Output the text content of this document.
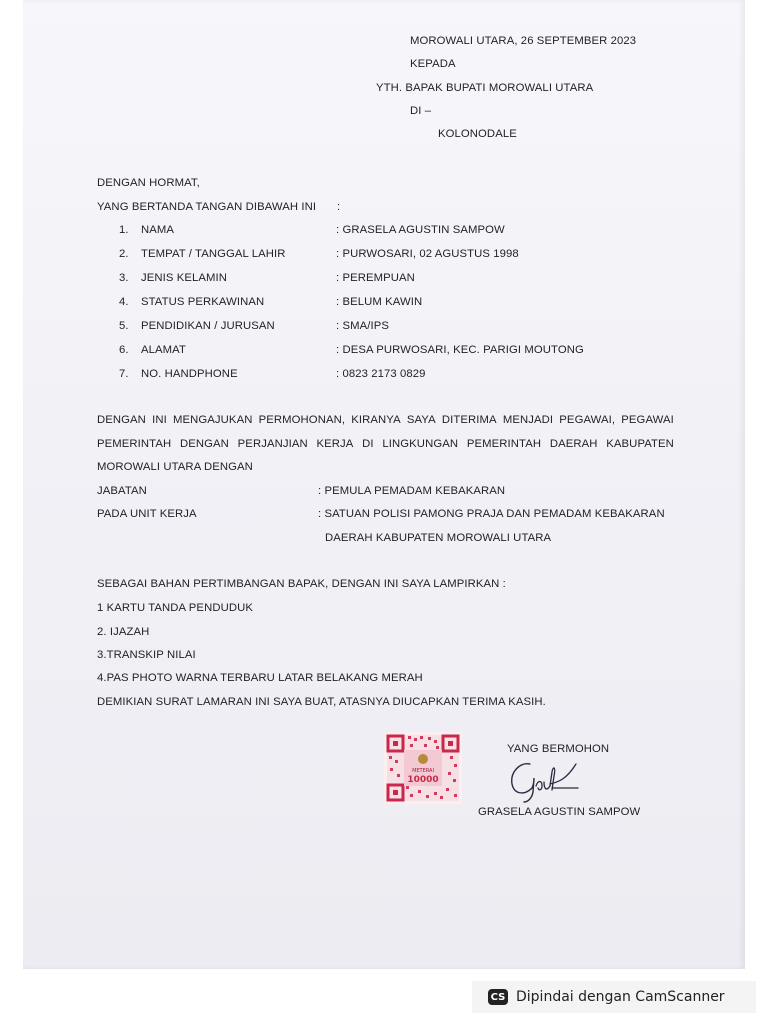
MOROWALI UTARA, 26 SEPTEMBER 2023
KEPADA
YTH. BAPAK BUPATI MOROWALI UTARA
DI –
KOLONODALE
DENGAN HORMAT,
YANG BERTANDA TANGAN DIBAWAH INI :
1. NAMA	: GRASELA AGUSTIN SAMPOW
2. TEMPAT / TANGGAL LAHIR	: PURWOSARI, 02 AGUSTUS 1998
3. JENIS KELAMIN	: PEREMPUAN
4. STATUS PERKAWINAN	: BELUM KAWIN
5. PENDIDIKAN / JURUSAN	: SMA/IPS
6. ALAMAT	: DESA PURWOSARI, KEC. PARIGI MOUTONG
7. NO. HANDPHONE	: 0823 2173 0829
DENGAN INI MENGAJUKAN PERMOHONAN, KIRANYA SAYA DITERIMA MENJADI PEGAWAI, PEGAWAI
PEMERINTAH DENGAN PERJANJIAN KERJA DI LINGKUNGAN PEMERINTAH DAERAH KABUPATEN
MOROWALI UTARA DENGAN
JABATAN	: PEMULA PEMADAM KEBAKARAN
PADA UNIT KERJA	: SATUAN POLISI PAMONG PRAJA DAN PEMADAM KEBAKARAN
DAERAH KABUPATEN MOROWALI UTARA
SEBAGAI BAHAN PERTIMBANGAN BAPAK, DENGAN INI SAYA LAMPIRKAN :
1 KARTU TANDA PENDUDUK
2. IJAZAH
3.TRANSKIP NILAI
4.PAS PHOTO WARNA TERBARU LATAR BELAKANG MERAH
DEMIKIAN SURAT LAMARAN INI SAYA BUAT, ATASNYA DIUCAPKAN TERIMA KASIH.
METERAI
10000
YANG BERMOHON
GRASELA AGUSTIN SAMPOW
CS Dipindai dengan CamScanner
